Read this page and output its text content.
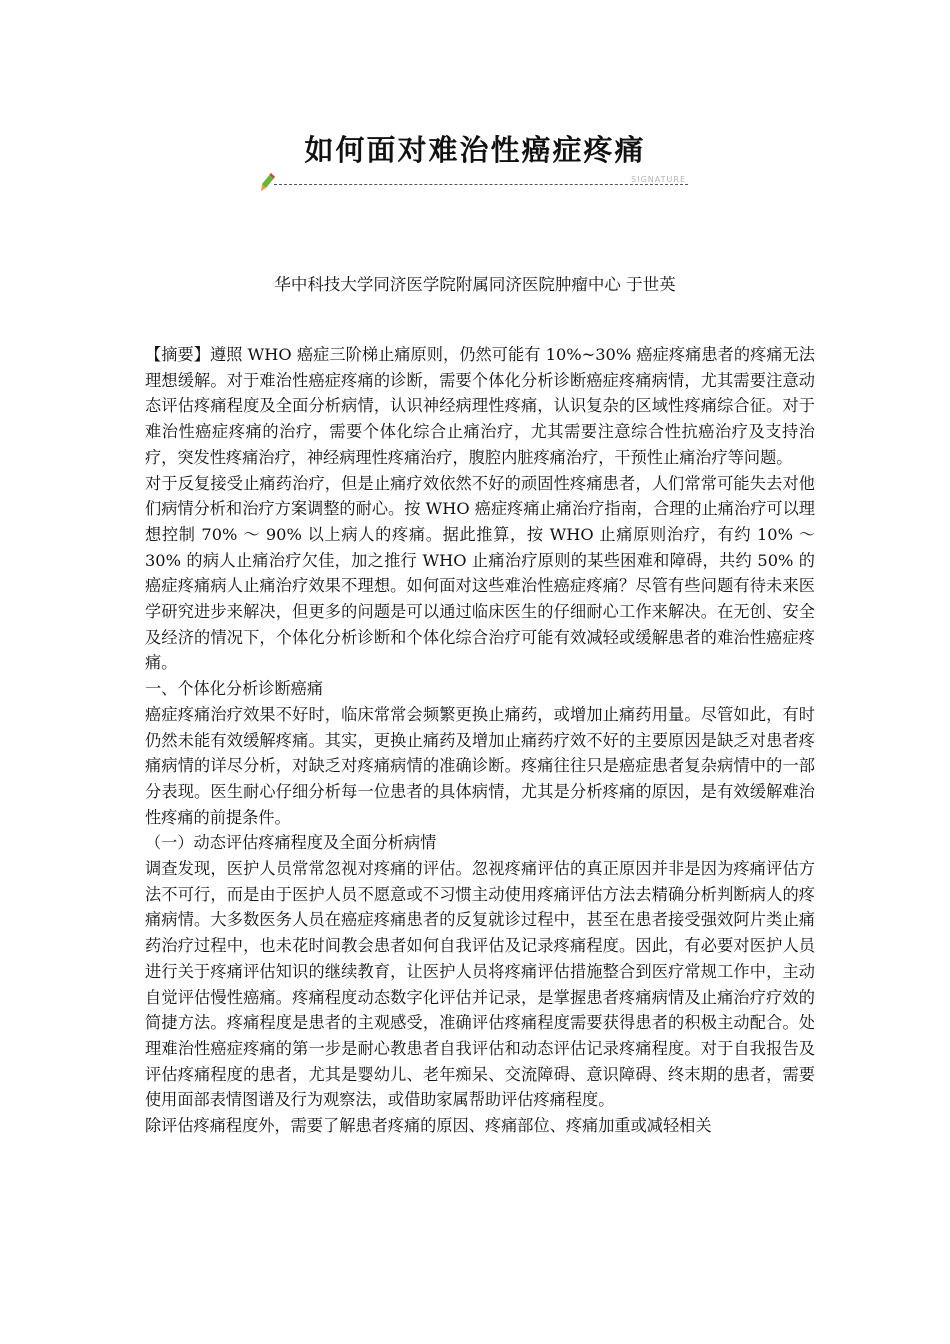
如何面对难治性癌症疼痛
SIGNATURE
华中科技大学同济医学院附属同济医院肿瘤中心 于世英

【摘要】遵照 WHO 癌症三阶梯止痛原则，仍然可能有 10%~30% 癌症疼痛患者的疼痛无法理想缓解。对于难治性癌症疼痛的诊断，需要个体化分析诊断癌症疼痛病情，尤其需要注意动态评估疼痛程度及全面分析病情，认识神经病理性疼痛，认识复杂的区域性疼痛综合征。对于难治性癌症疼痛的治疗，需要个体化综合止痛治疗，尤其需要注意综合性抗癌治疗及支持治疗，突发性疼痛治疗，神经病理性疼痛治疗，腹腔内脏疼痛治疗，干预性止痛治疗等问题。

对于反复接受止痛药治疗，但是止痛疗效依然不好的顽固性疼痛患者，人们常常可能失去对他们病情分析和治疗方案调整的耐心。按 WHO 癌症疼痛止痛治疗指南，合理的止痛治疗可以理想控制 70% ～ 90% 以上病人的疼痛。据此推算，按 WHO 止痛原则治疗，有约 10% ～ 30% 的病人止痛治疗欠佳，加之推行 WHO 止痛治疗原则的某些困难和障碍，共约 50% 的癌症疼痛病人止痛治疗效果不理想。如何面对这些难治性癌症疼痛？尽管有些问题有待未来医学研究进步来解决，但更多的问题是可以通过临床医生的仔细耐心工作来解决。在无创、安全及经济的情况下，个体化分析诊断和个体化综合治疗可能有效减轻或缓解患者的难治性癌症疼痛。

一、个体化分析诊断癌痛

癌症疼痛治疗效果不好时，临床常常会频繁更换止痛药，或增加止痛药用量。尽管如此，有时仍然未能有效缓解疼痛。其实，更换止痛药及增加止痛药疗效不好的主要原因是缺乏对患者疼痛病情的详尽分析，对缺乏对疼痛病情的准确诊断。疼痛往往只是癌症患者复杂病情中的一部分表现。医生耐心仔细分析每一位患者的具体病情，尤其是分析疼痛的原因，是有效缓解难治性疼痛的前提条件。

（一）动态评估疼痛程度及全面分析病情

调查发现，医护人员常常忽视对疼痛的评估。忽视疼痛评估的真正原因并非是因为疼痛评估方法不可行，而是由于医护人员不愿意或不习惯主动使用疼痛评估方法去精确分析判断病人的疼痛病情。大多数医务人员在癌症疼痛患者的反复就诊过程中，甚至在患者接受强效阿片类止痛药治疗过程中，也未花时间教会患者如何自我评估及记录疼痛程度。因此，有必要对医护人员进行关于疼痛评估知识的继续教育，让医护人员将疼痛评估措施整合到医疗常规工作中，主动自觉评估慢性癌痛。疼痛程度动态数字化评估并记录，是掌握患者疼痛病情及止痛治疗疗效的简捷方法。疼痛程度是患者的主观感受，准确评估疼痛程度需要获得患者的积极主动配合。处理难治性癌症疼痛的第一步是耐心教患者自我评估和动态评估记录疼痛程度。对于自我报告及评估疼痛程度的患者，尤其是婴幼儿、老年痴呆、交流障碍、意识障碍、终末期的患者，需要使用面部表情图谱及行为观察法，或借助家属帮助评估疼痛程度。

除评估疼痛程度外，需要了解患者疼痛的原因、疼痛部位、疼痛加重或减轻相关
